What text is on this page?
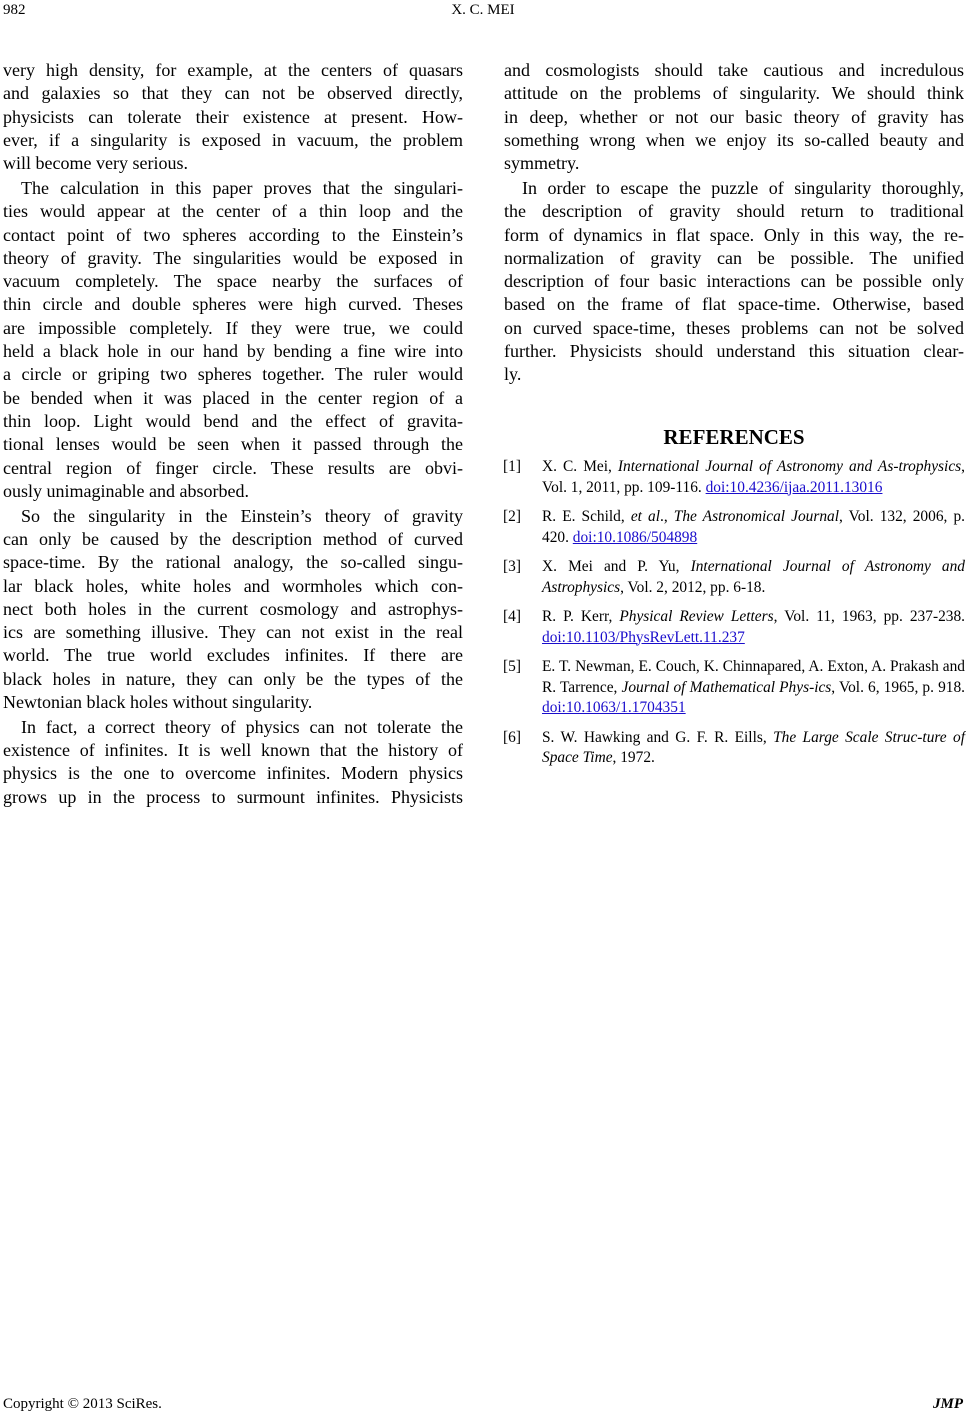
982	X. C. MEI
very high density, for example, at the centers of quasars
and galaxies so that they can not be observed directly,
physicists can tolerate their existence at present. How-
ever, if a singularity is exposed in vacuum, the problem
will become very serious.
The calculation in this paper proves that the singulari-
ties would appear at the center of a thin loop and the
contact point of two spheres according to the Einstein’s
theory of gravity. The singularities would be exposed in
vacuum completely. The space nearby the surfaces of
thin circle and double spheres were high curved. Theses
are impossible completely. If they were true, we could
held a black hole in our hand by bending a fine wire into
a circle or griping two spheres together. The ruler would
be bended when it was placed in the center region of a
thin loop. Light would bend and the effect of gravita-
tional lenses would be seen when it passed through the
central region of finger circle. These results are obvi-
ously unimaginable and absorbed.
So the singularity in the Einstein’s theory of gravity
can only be caused by the description method of curved
space-time. By the rational analogy, the so-called singu-
lar black holes, white holes and wormholes which con-
nect both holes in the current cosmology and astrophys-
ics are something illusive. They can not exist in the real
world. The true world excludes infinites. If there are
black holes in nature, they can only be the types of the
Newtonian black holes without singularity.
In fact, a correct theory of physics can not tolerate the
existence of infinites. It is well known that the history of
physics is the one to overcome infinites. Modern physics
grows up in the process to surmount infinites. Physicists
and cosmologists should take cautious and incredulous
attitude on the problems of singularity. We should think
in deep, whether or not our basic theory of gravity has
something wrong when we enjoy its so-called beauty and
symmetry.
In order to escape the puzzle of singularity thoroughly,
the description of gravity should return to traditional
form of dynamics in flat space. Only in this way, the re-
normalization of gravity can be possible. The unified
description of four basic interactions can be possible only
based on the frame of flat space-time. Otherwise, based
on curved space-time, theses problems can not be solved
further. Physicists should understand this situation clear-
ly.
REFERENCES
[1]	X. C. Mei, International Journal of Astronomy and As-trophysics, Vol. 1, 2011, pp. 109-116. doi:10.4236/ijaa.2011.13016
[2]	R. E. Schild, et al., The Astronomical Journal, Vol. 132, 2006, p. 420. doi:10.1086/504898
[3]	X. Mei and P. Yu, International Journal of Astronomy and Astrophysics, Vol. 2, 2012, pp. 6-18.
[4]	R. P. Kerr, Physical Review Letters, Vol. 11, 1963, pp. 237-238. doi:10.1103/PhysRevLett.11.237
[5]	E. T. Newman, E. Couch, K. Chinnapared, A. Exton, A. Prakash and R. Tarrence, Journal of Mathematical Phys-ics, Vol. 6, 1965, p. 918. doi:10.1063/1.1704351
[6]	S. W. Hawking and G. F. R. Eills, The Large Scale Struc-ture of Space Time, 1972.
Copyright © 2013 SciRes.	JMP
